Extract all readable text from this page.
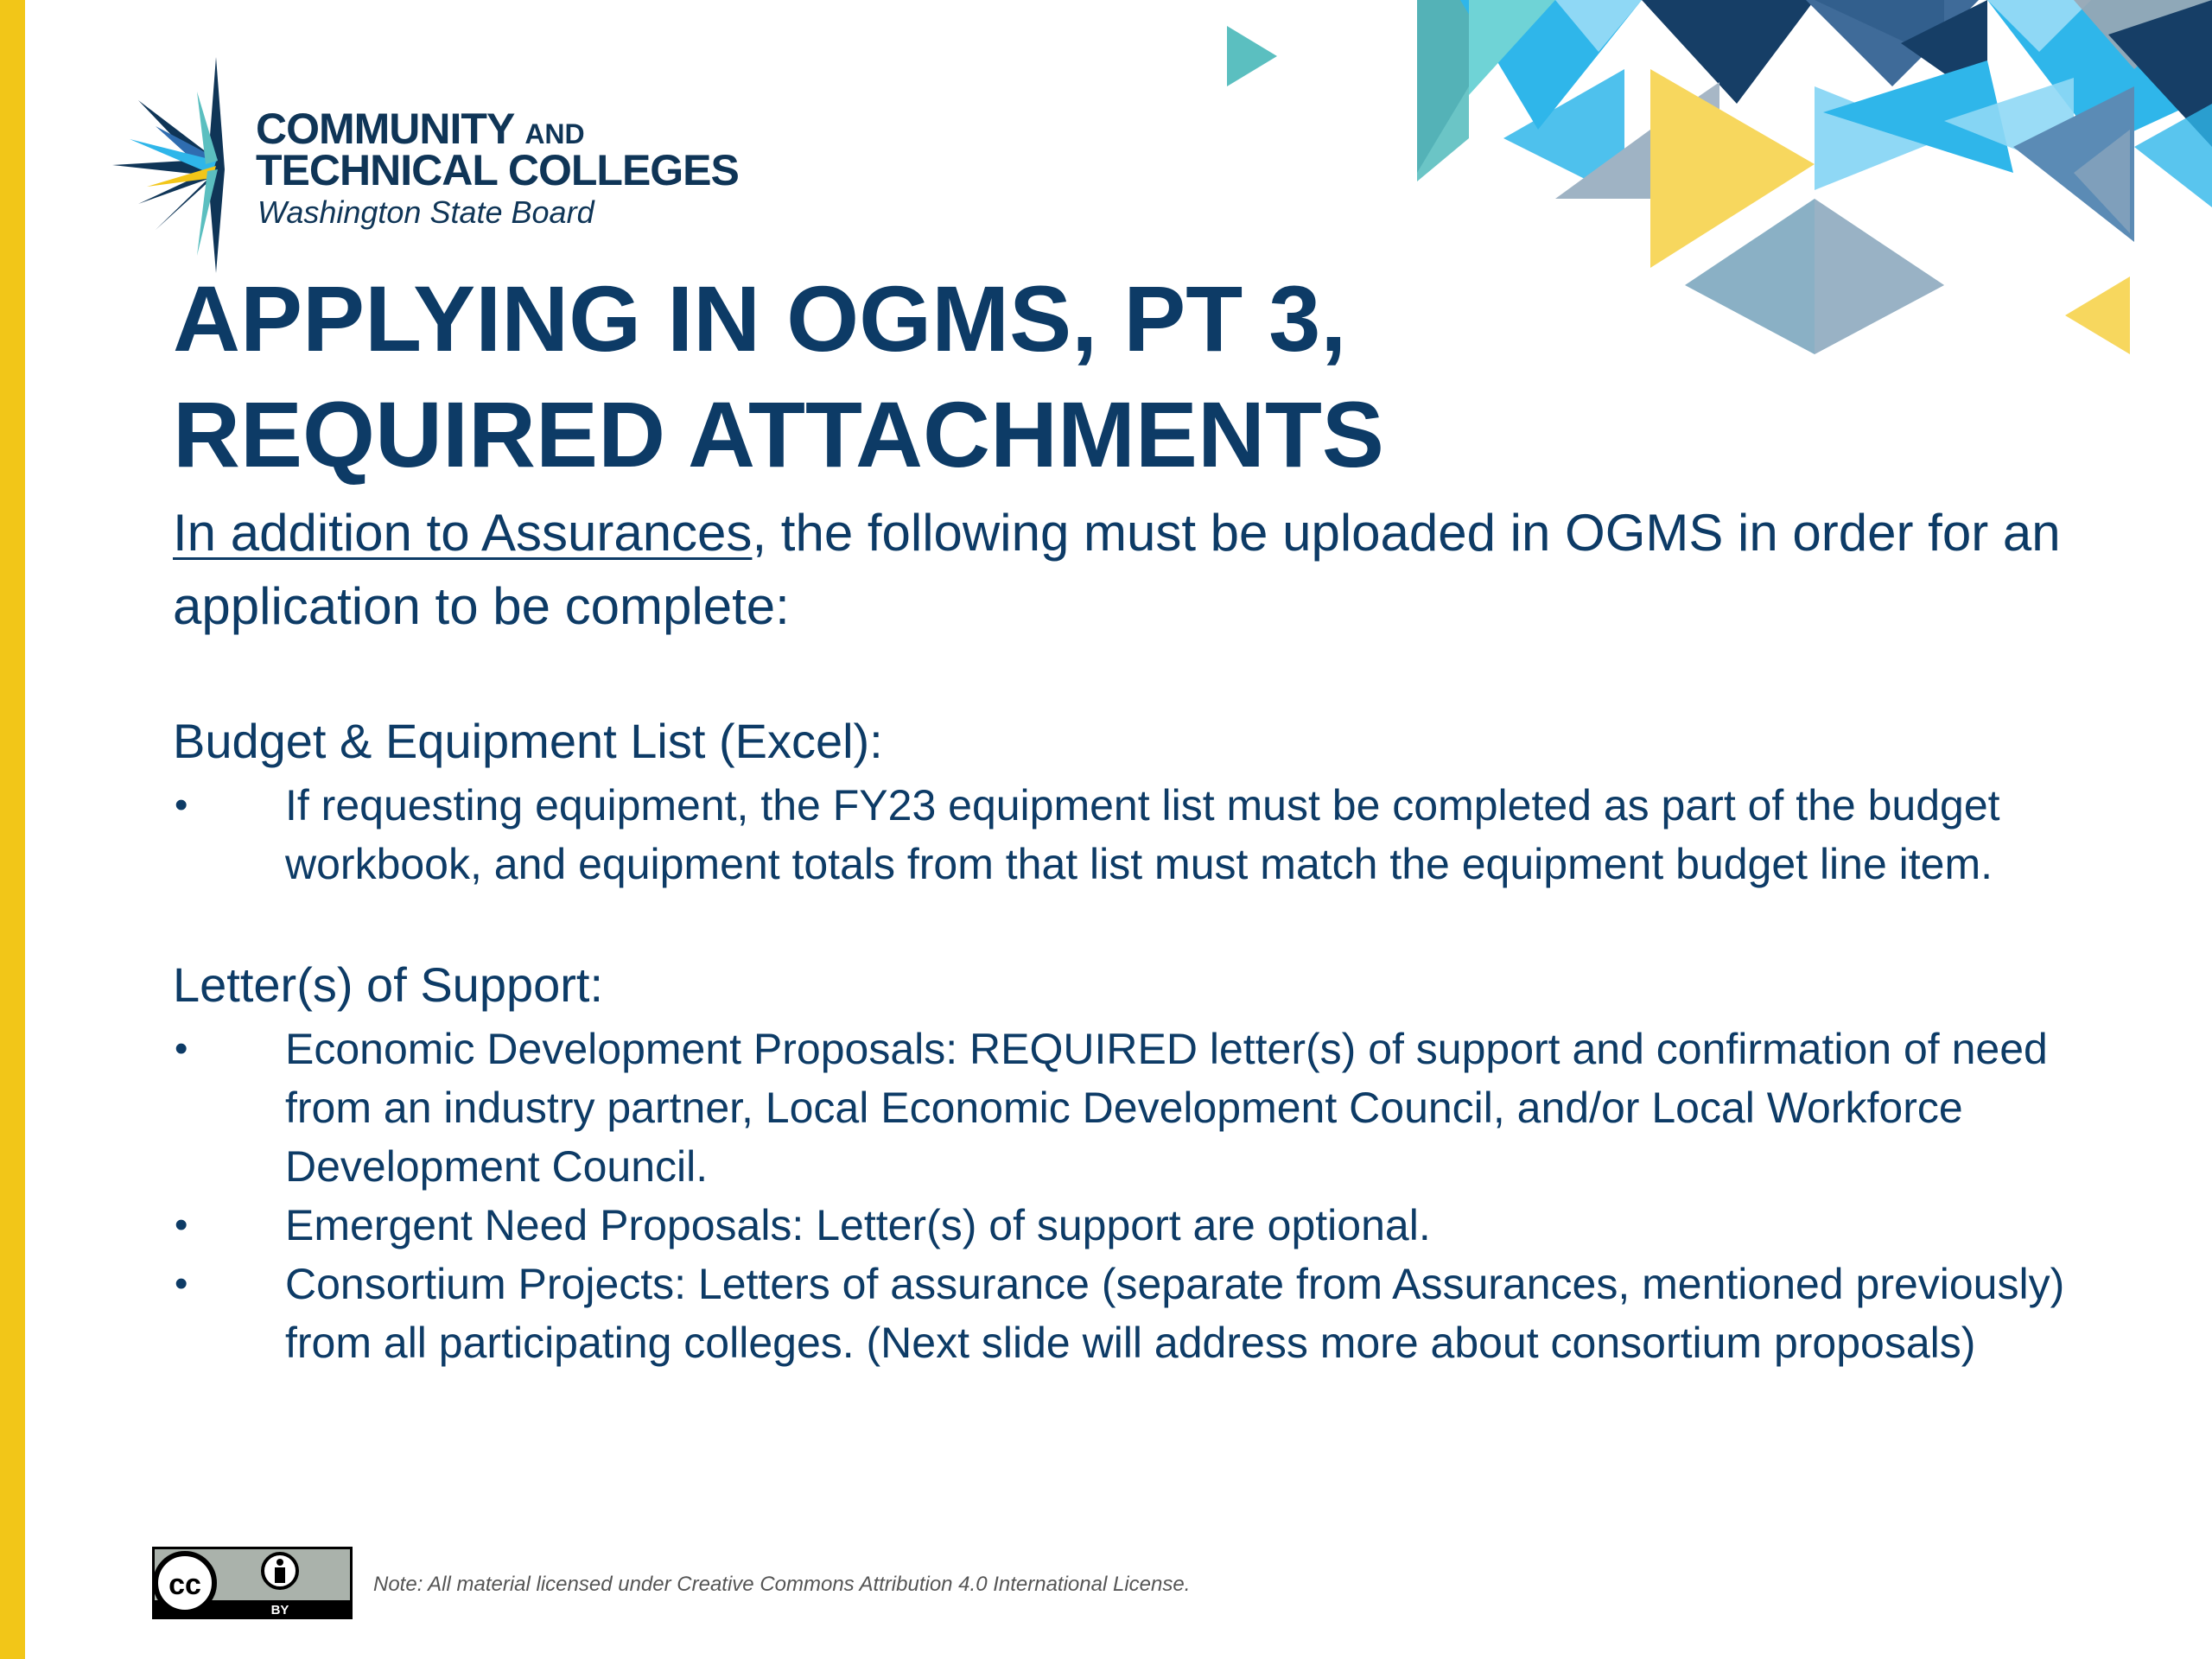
COMMUNITY AND

TECHNICAL COLLEGES

Washington State Board

APPLYING IN OGMS, PT 3,
REQUIRED ATTACHMENTS

In addition to Assurances, the following must be uploaded in OGMS in order for an application to be complete:

Budget & Equipment List (Excel):

• If requesting equipment, the FY23 equipment list must be completed as part of the budget workbook, and equipment totals from that list must match the equipment budget line item.

Letter(s) of Support:

• Economic Development Proposals: REQUIRED letter(s) of support and confirmation of need from an industry partner, Local Economic Development Council, and/or Local Workforce Development Council.
• Emergent Need Proposals: Letter(s) of support are optional.
• Consortium Projects: Letters of assurance (separate from Assurances, mentioned previously) from all participating colleges. (Next slide will address more about consortium proposals)
cc
BY

Note: All material licensed under Creative Commons Attribution 4.0 International License.
